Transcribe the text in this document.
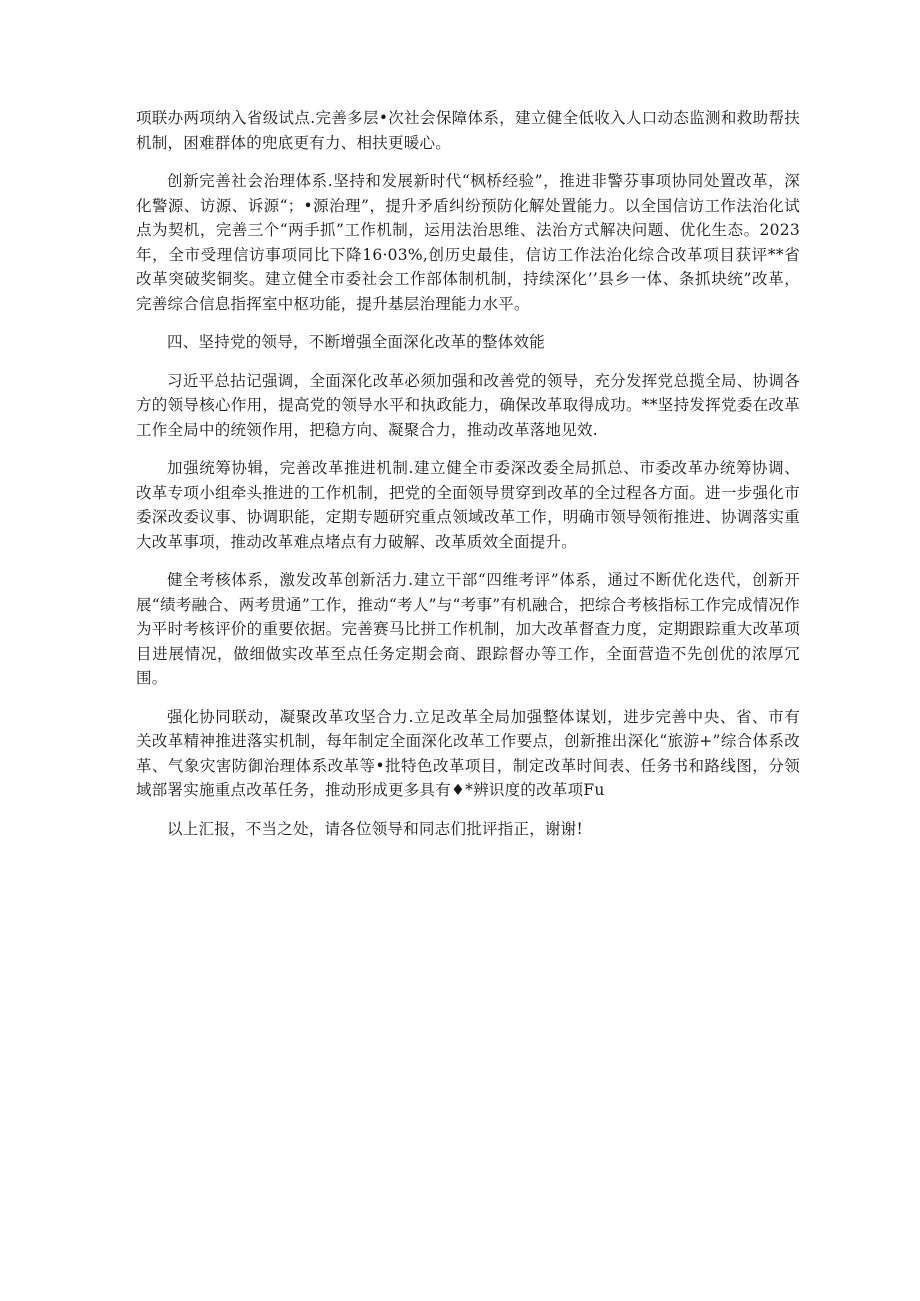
项联办两项纳入省级试点.完善多层•次社会保障体系，建立健全低收入人口动态监测和救助帮扶机制，困难群体的兜底更有力、相扶更暖心。

创新完善社会治理体系.坚持和发展新时代“枫桥经验”，推进非警芬事项协同处置改革，深化警源、访源、诉源“；•源治理”，提升矛盾纠纷预防化解处置能力。以全国信访工作法治化试点为契机，完善三个“两手抓”工作机制，运用法治思维、法治方式解决问题、优化生态。2023年，全市受理信访事项同比下降16·03%,创历史最佳，信访工作法治化综合改革项目获评**省改革突破奖铜奖。建立健全市委社会工作部体制机制，持续深化’’县乡一体、条抓块统”改革，完善综合信息指挥室中枢功能，提升基层治理能力水平。

四、坚持党的领导，不断增强全面深化改革的整体效能

习近平总拈记强调，全面深化改革必须加强和改善党的领导，充分发挥党总揽全局、协调各方的领导核心作用，提高党的领导水平和执政能力，确保改革取得成功。**坚持发挥党委在改革工作全局中的统领作用，把稳方向、凝聚合力，推动改革落地见效.

加强统筹协辑，完善改革推进机制.建立健全市委深改委全局抓总、市委改革办统筹协调、改革专项小组牵头推进的工作机制，把党的全面领导贯穿到改革的全过程各方面。进一步强化市委深改委议事、协调职能，定期专题研究重点领域改革工作，明确市领导领衔推进、协调落实重大改革事项，推动改革难点堵点有力破解、改革质效全面提升。

健全考核体系，激发改革创新活力.建立干部“四维考评”体系，通过不断优化迭代，创新开展“绩考融合、两考贯通”工作，推动“考人”与“考事”有机融合，把综合考核指标工作完成情况作为平时考核评价的重要依据。完善赛马比拼工作机制，加大改革督查力度，定期跟踪重大改革项目进展情况，做细做实改革至点任务定期会商、跟踪督办等工作，全面营造不先创优的浓厚冗围。

强化协同联动，凝聚改革攻坚合力.立足改革全局加强整体谋划，进步完善中央、省、市有关改革精神推进落实机制，每年制定全面深化改革工作要点，创新推出深化“旅游+”综合体系改革、气象灾害防御治理体系改革等•批特色改革项目，制定改革时间表、任务书和路线图，分领域部署实施重点改革任务，推动形成更多具有♦*辨识度的改革项Fu

以上汇报，不当之处，请各位领导和同志们批评指正，谢谢!
